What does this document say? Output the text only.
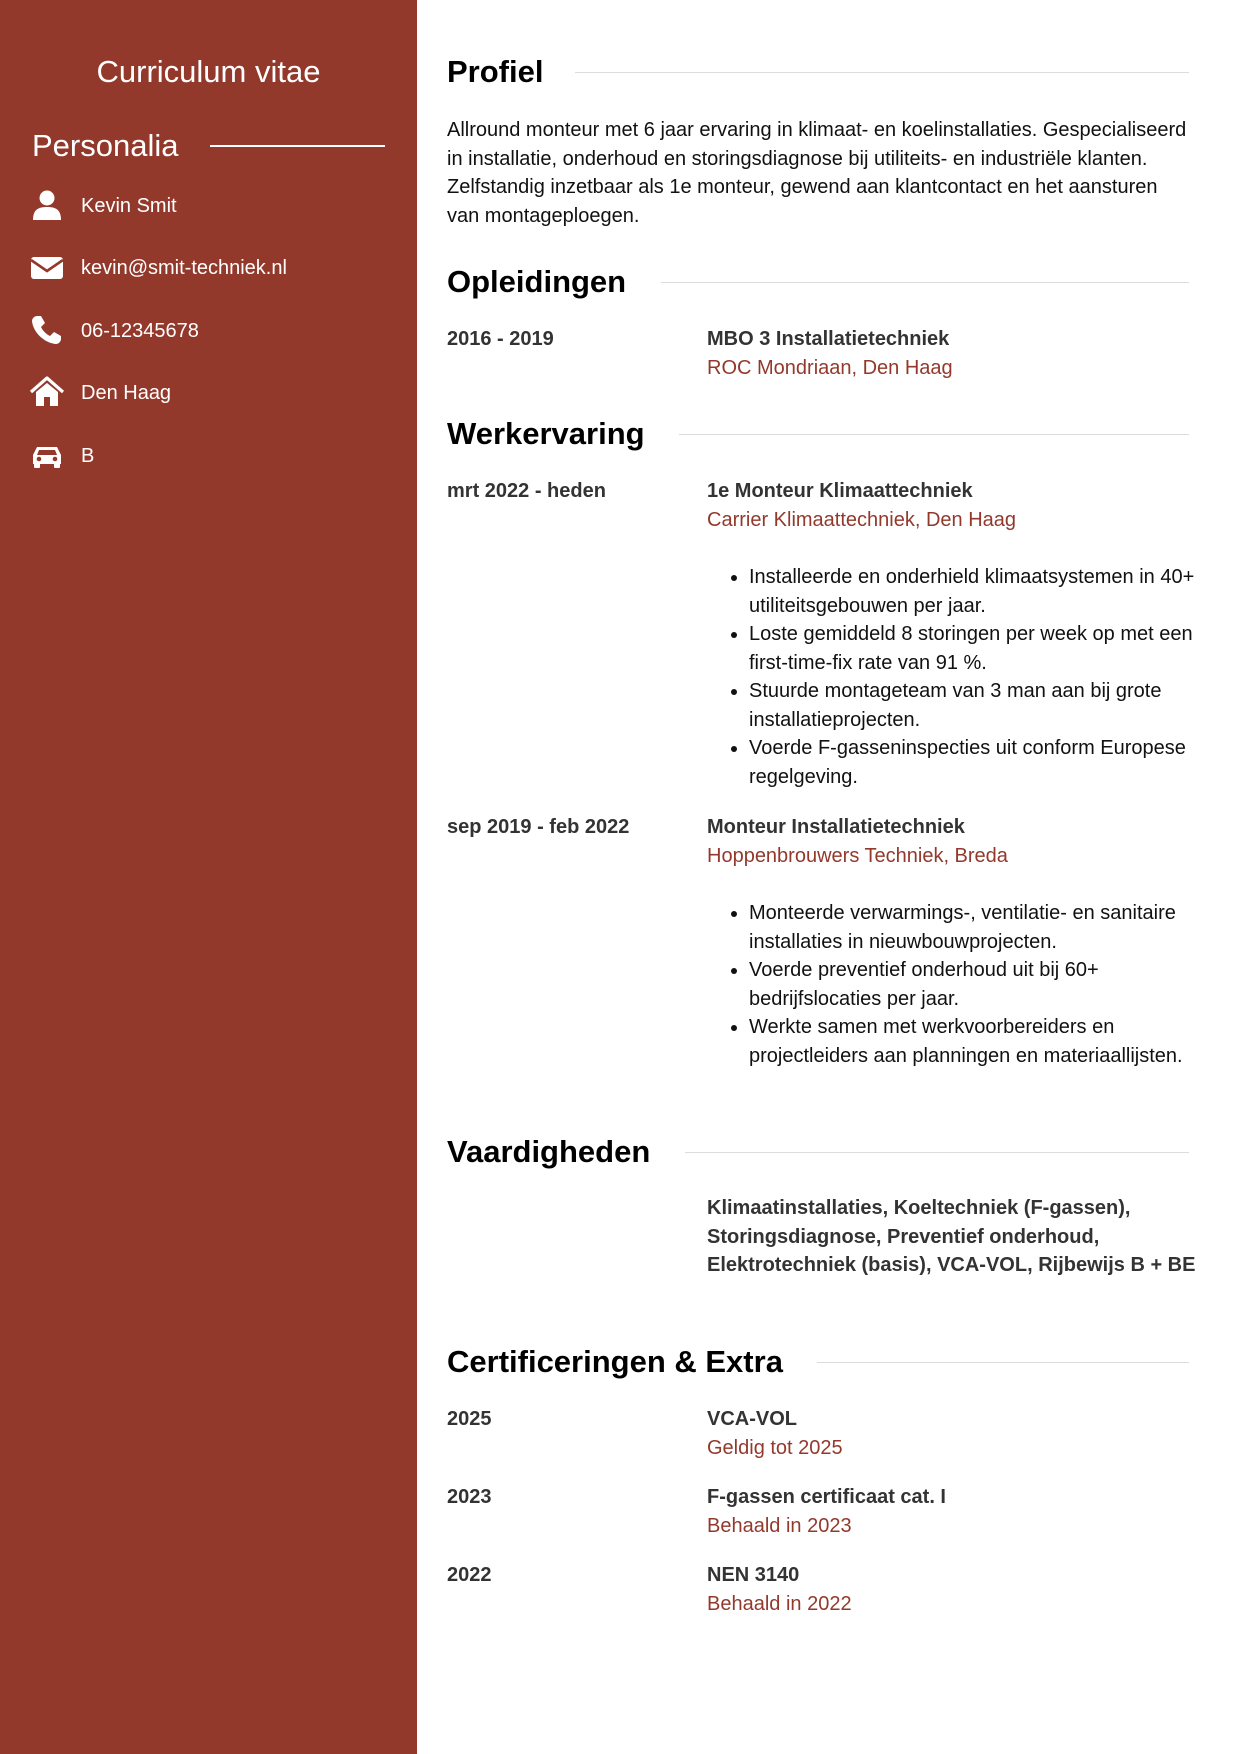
Curriculum vitae
Personalia
Kevin Smit
kevin@smit-techniek.nl
06-12345678
Den Haag
B
Profiel
Allround monteur met 6 jaar ervaring in klimaat- en koelinstallaties. Gespecialiseerd in installatie, onderhoud en storingsdiagnose bij utiliteits- en industriële klanten. Zelfstandig inzetbaar als 1e monteur, gewend aan klantcontact en het aansturen van montageploegen.
Opleidingen
2016 - 2019	MBO 3 Installatietechniek
ROC Mondriaan, Den Haag
Werkervaring
mrt 2022 - heden	1e Monteur Klimaattechniek
Carrier Klimaattechniek, Den Haag
• Installeerde en onderhield klimaatsystemen in 40+ utiliteitsgebouwen per jaar.
• Loste gemiddeld 8 storingen per week op met een first-time-fix rate van 91 %.
• Stuurde montageteam van 3 man aan bij grote installatieprojecten.
• Voerde F-gasseninspecties uit conform Europese regelgeving.
sep 2019 - feb 2022	Monteur Installatietechniek
Hoppenbrouwers Techniek, Breda
• Monteerde verwarmings-, ventilatie- en sanitaire installaties in nieuwbouwprojecten.
• Voerde preventief onderhoud uit bij 60+ bedrijfslocaties per jaar.
• Werkte samen met werkvoorbereiders en projectleiders aan planningen en materiaallijsten.
Vaardigheden
Klimaatinstallaties, Koeltechniek (F-gassen), Storingsdiagnose, Preventief onderhoud, Elektrotechniek (basis), VCA-VOL, Rijbewijs B + BE
Certificeringen & Extra
2025	VCA-VOL
Geldig tot 2025
2023	F-gassen certificaat cat. I
Behaald in 2023
2022	NEN 3140
Behaald in 2022
